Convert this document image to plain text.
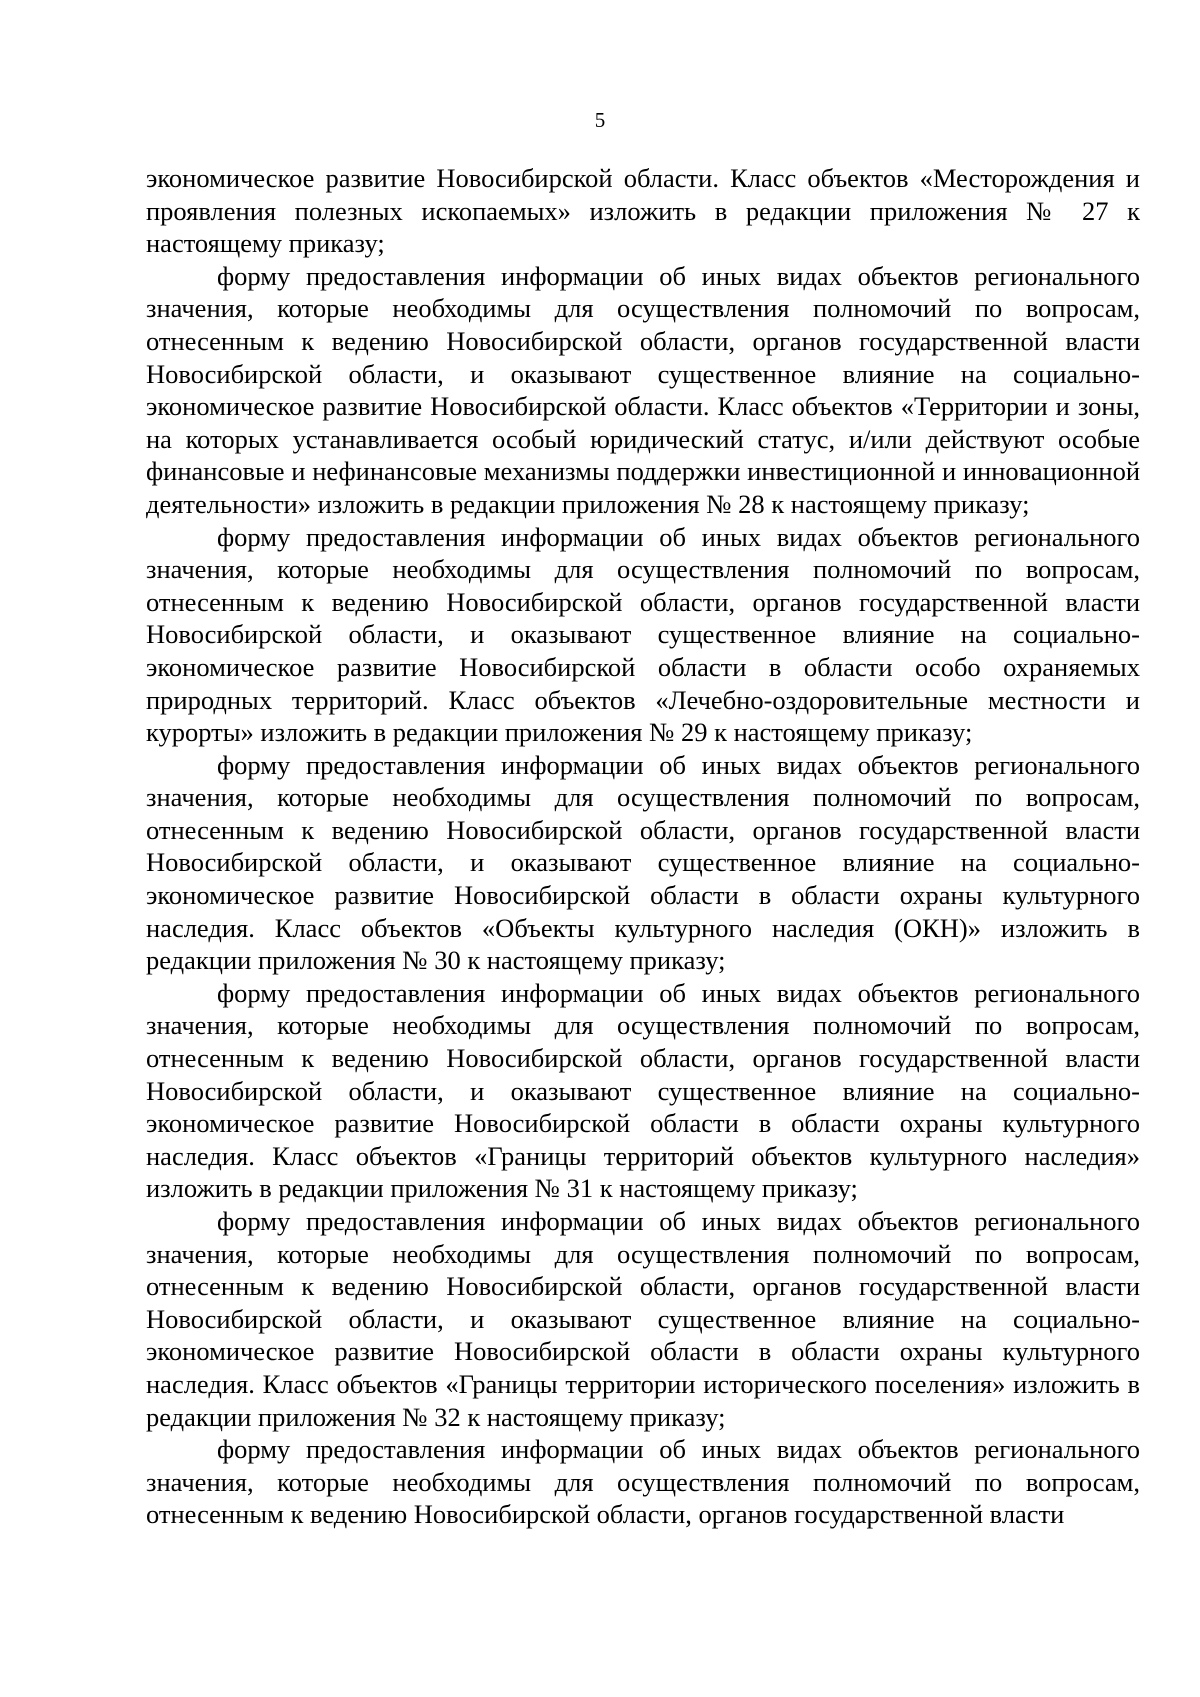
5

экономическое развитие Новосибирской области. Класс объектов «Месторождения и проявления полезных ископаемых» изложить в редакции приложения № 27 к настоящему приказу;

форму предоставления информации об иных видах объектов регионального значения, которые необходимы для осуществления полномочий по вопросам, отнесенным к ведению Новосибирской области, органов государственной власти Новосибирской области, и оказывают существенное влияние на социально-экономическое развитие Новосибирской области. Класс объектов «Территории и зоны, на которых устанавливается особый юридический статус, и/или действуют особые финансовые и нефинансовые механизмы поддержки инвестиционной и инновационной деятельности» изложить в редакции приложения № 28 к настоящему приказу;

форму предоставления информации об иных видах объектов регионального значения, которые необходимы для осуществления полномочий по вопросам, отнесенным к ведению Новосибирской области, органов государственной власти Новосибирской области, и оказывают существенное влияние на социально-экономическое развитие Новосибирской области в области особо охраняемых природных территорий. Класс объектов «Лечебно-оздоровительные местности и курорты» изложить в редакции приложения № 29 к настоящему приказу;

форму предоставления информации об иных видах объектов регионального значения, которые необходимы для осуществления полномочий по вопросам, отнесенным к ведению Новосибирской области, органов государственной власти Новосибирской области, и оказывают существенное влияние на социально-экономическое развитие Новосибирской области в области охраны культурного наследия. Класс объектов «Объекты культурного наследия (ОКН)» изложить в редакции приложения № 30 к настоящему приказу;

форму предоставления информации об иных видах объектов регионального значения, которые необходимы для осуществления полномочий по вопросам, отнесенным к ведению Новосибирской области, органов государственной власти Новосибирской области, и оказывают существенное влияние на социально-экономическое развитие Новосибирской области в области охраны культурного наследия. Класс объектов «Границы территорий объектов культурного наследия» изложить в редакции приложения № 31 к настоящему приказу;

форму предоставления информации об иных видах объектов регионального значения, которые необходимы для осуществления полномочий по вопросам, отнесенным к ведению Новосибирской области, органов государственной власти Новосибирской области, и оказывают существенное влияние на социально-экономическое развитие Новосибирской области в области охраны культурного наследия. Класс объектов «Границы территории исторического поселения» изложить в редакции приложения № 32 к настоящему приказу;

форму предоставления информации об иных видах объектов регионального значения, которые необходимы для осуществления полномочий по вопросам, отнесенным к ведению Новосибирской области, органов государственной власти
